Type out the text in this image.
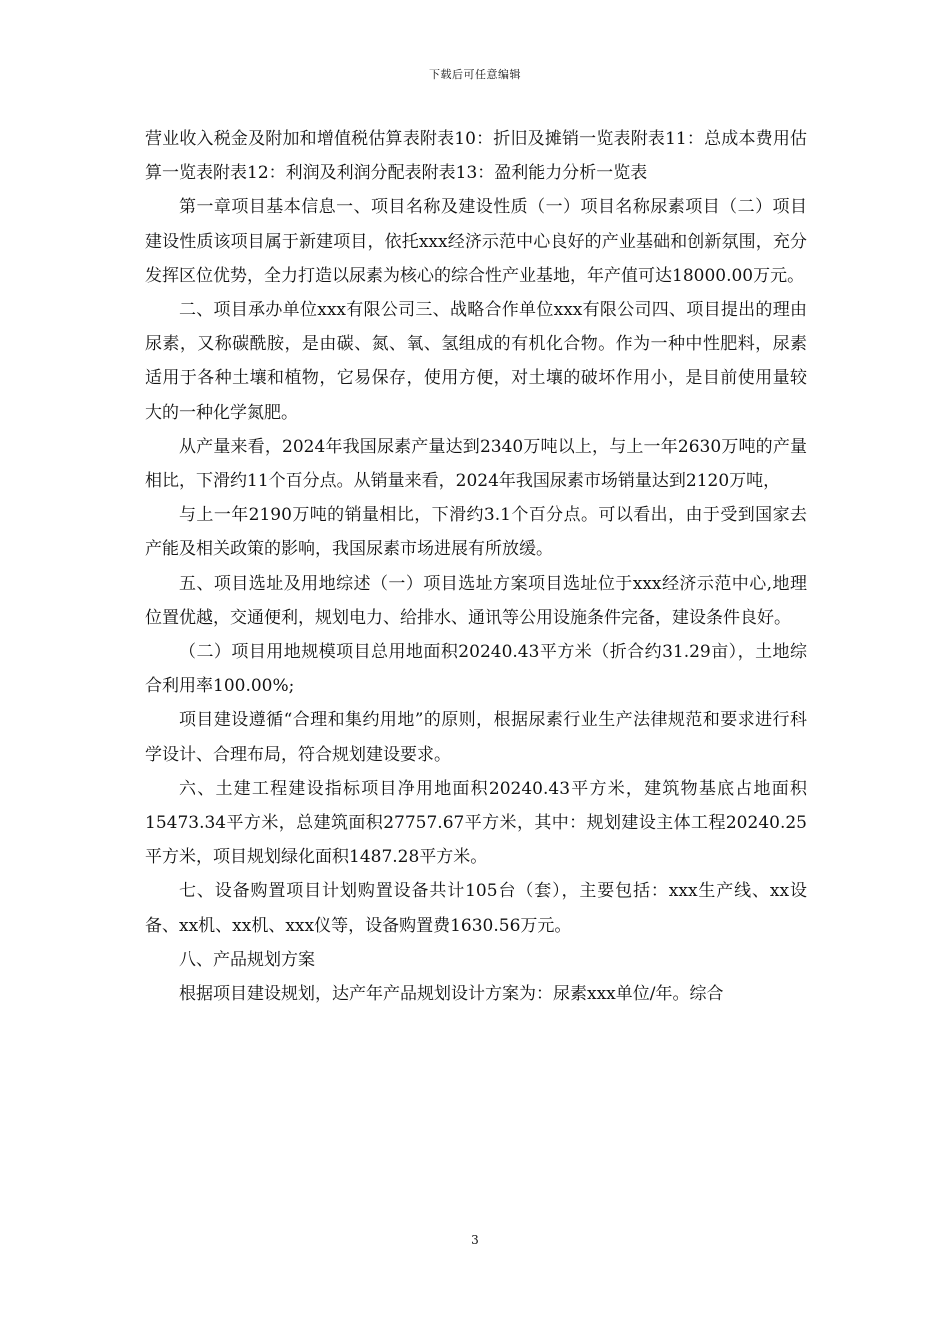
下载后可任意编辑

营业收入税金及附加和增值税估算表附表10：折旧及摊销一览表附表11：总成本费用估算一览表附表12：利润及利润分配表附表13：盈利能力分析一览表

第一章项目基本信息一、项目名称及建设性质（一）项目名称尿素项目（二）项目建设性质该项目属于新建项目，依托xxx经济示范中心良好的产业基础和创新氛围，充分发挥区位优势，全力打造以尿素为核心的综合性产业基地，年产值可达18000.00万元。

二、项目承办单位xxx有限公司三、战略合作单位xxx有限公司四、项目提出的理由尿素，又称碳酰胺，是由碳、氮、氧、氢组成的有机化合物。作为一种中性肥料，尿素适用于各种土壤和植物，它易保存，使用方便，对土壤的破坏作用小，是目前使用量较大的一种化学氮肥。

从产量来看，2024年我国尿素产量达到2340万吨以上，与上一年2630万吨的产量相比，下滑约11个百分点。从销量来看，2024年我国尿素市场销量达到2120万吨，

与上一年2190万吨的销量相比，下滑约3.1个百分点。可以看出，由于受到国家去产能及相关政策的影响，我国尿素市场进展有所放缓。

五、项目选址及用地综述（一）项目选址方案项目选址位于xxx经济示范中心,地理位置优越，交通便利，规划电力、给排水、通讯等公用设施条件完备，建设条件良好。

（二）项目用地规模项目总用地面积20240.43平方米（折合约31.29亩），土地综合利用率100.00%;

项目建设遵循“合理和集约用地”的原则，根据尿素行业生产法律规范和要求进行科学设计、合理布局，符合规划建设要求。

六、土建工程建设指标项目净用地面积20240.43平方米，建筑物基底占地面积15473.34平方米，总建筑面积27757.67平方米，其中：规划建设主体工程20240.25平方米，项目规划绿化面积1487.28平方米。

七、设备购置项目计划购置设备共计105台（套），主要包括：xxx生产线、xx设备、xx机、xx机、xxx仪等，设备购置费1630.56万元。

八、产品规划方案

根据项目建设规划，达产年产品规划设计方案为：尿素xxx单位/年。综合

3
